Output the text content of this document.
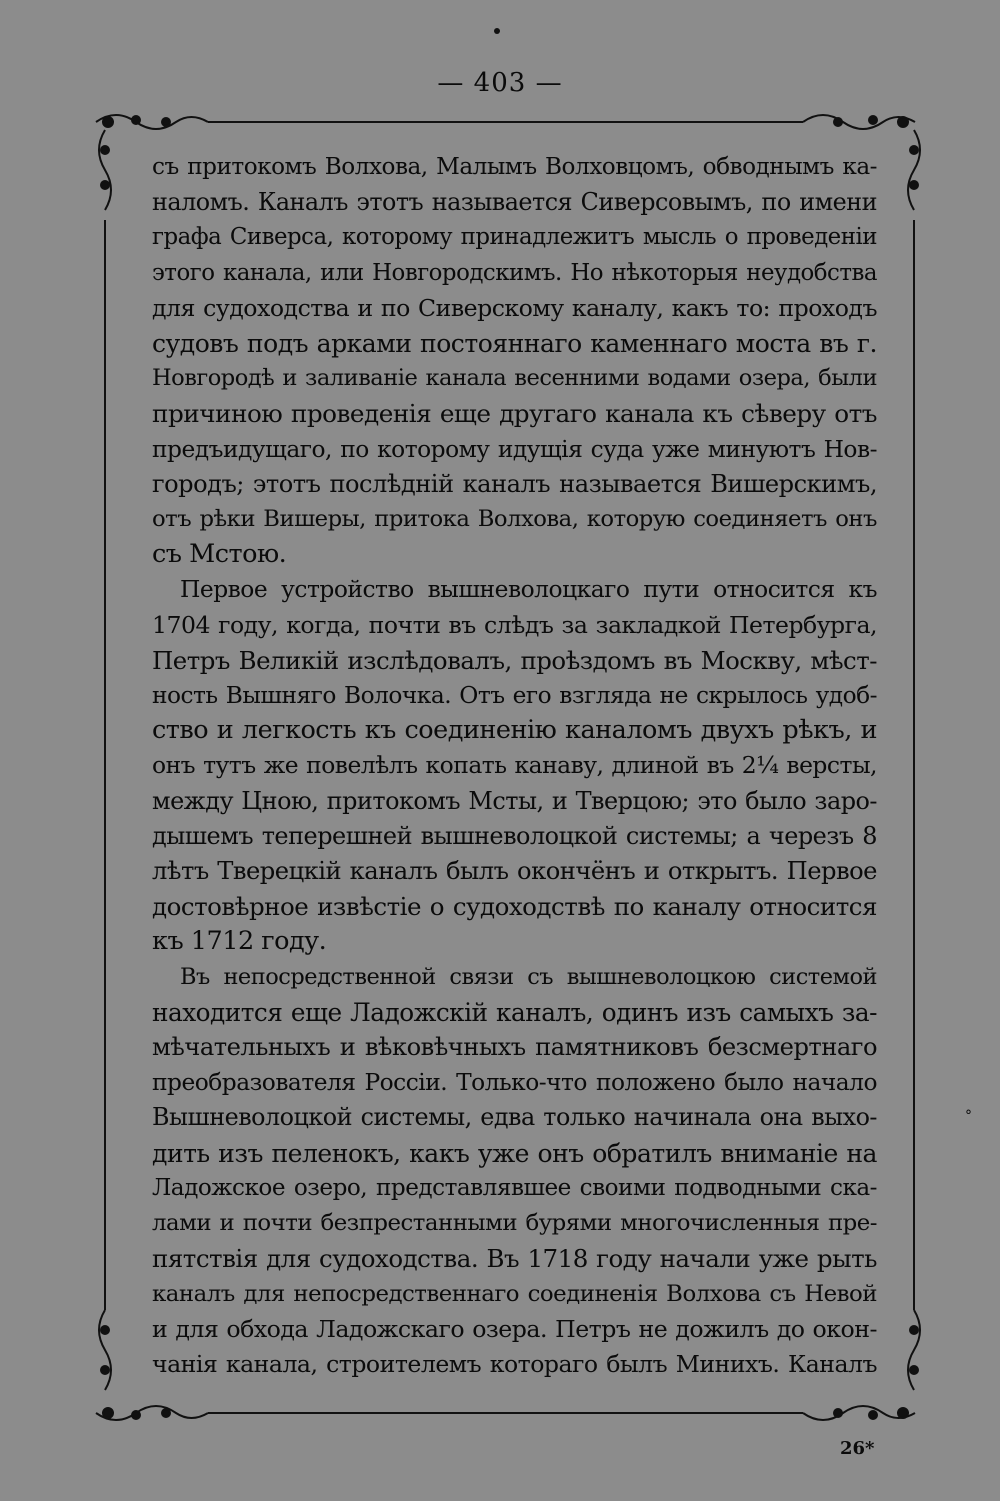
— 403 —

съ притокомъ Волхова, Малымъ Волховцомъ, обводнымъ ка-
наломъ. Каналъ этотъ называется Сиверсовымъ, по имени
графа Сиверса, которому принадлежитъ мысль о проведеніи
этого канала, или Новгородскимъ. Но нѣкоторыя неудобства
для судоходства и по Сиверскому каналу, какъ то: проходъ
судовъ подъ арками постояннаго каменнаго моста въ г.
Новгородѣ и заливаніе канала весенними водами озера, были
причиною проведенія еще другаго канала къ сѣверу отъ
предъидущаго, по которому идущія суда уже минуютъ Нов-
городъ; этотъ послѣдній каналъ называется Вишерскимъ,
отъ рѣки Вишеры, притока Волхова, которую соединяетъ онъ
съ Мстою.

Первое устройство вышневолоцкаго пути относится къ
1704 году, когда, почти въ слѣдъ за закладкой Петербурга,
Петръ Великій изслѣдовалъ, проѣздомъ въ Москву, мѣст-
ность Вышняго Волочка. Отъ его взгляда не скрылось удоб-
ство и легкость къ соединенію каналомъ двухъ рѣкъ, и
онъ тутъ же повелѣлъ копать канаву, длиной въ 2¼ версты,
между Цною, притокомъ Мсты, и Тверцою; это было заро-
дышемъ теперешней вышневолоцкой системы; а черезъ 8
лѣтъ Тверецкій каналъ былъ окончёнъ и открытъ. Первое
достовѣрное извѣстіе о судоходствѣ по каналу относится
къ 1712 году.

Въ непосредственной связи съ вышневолоцкою системой
находится еще Ладожскій каналъ, одинъ изъ самыхъ за-
мѣчательныхъ и вѣковѣчныхъ памятниковъ безсмертнаго
преобразователя Россіи. Только-что положено было начало
Вышневолоцкой системы, едва только начинала она выхо-
дить изъ пеленокъ, какъ уже онъ обратилъ вниманіе на
Ладожское озеро, представлявшее своими подводными ска-
лами и почти безпрестанными бурями многочисленныя пре-
пятствія для судоходства. Въ 1718 году начали уже рыть
каналъ для непосредственнаго соединенія Волхова съ Невой
и для обхода Ладожскаго озера. Петръ не дожилъ до окон-
чанія канала, строителемъ котораго былъ Минихъ. Каналъ

°
26*
